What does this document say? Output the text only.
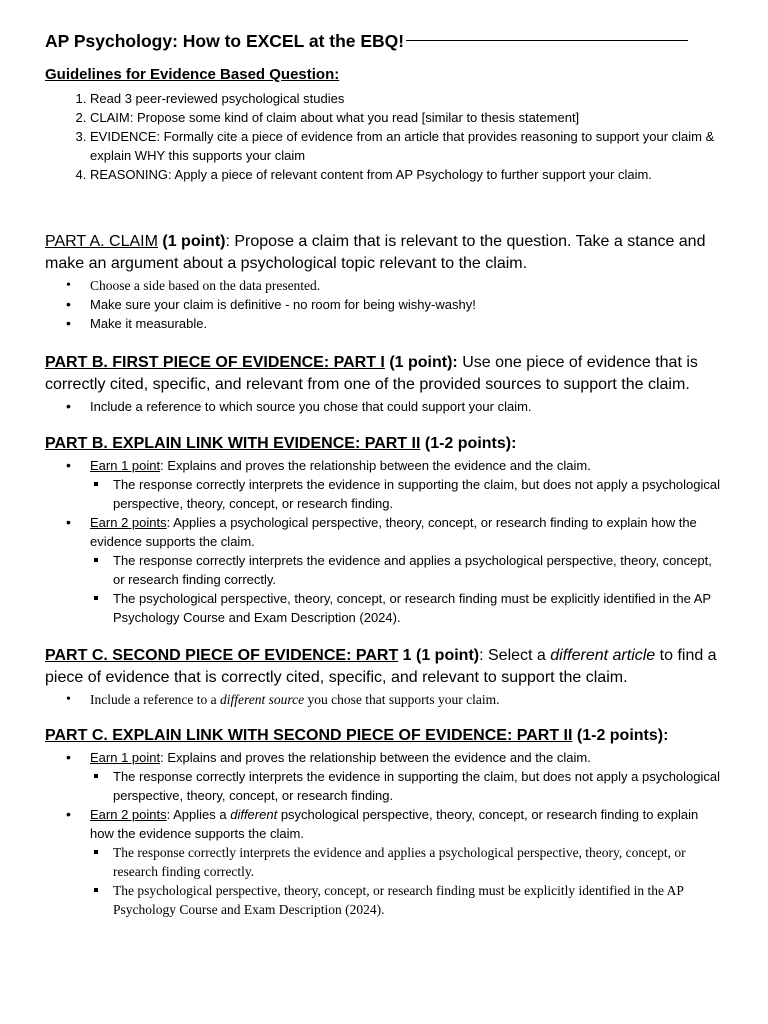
AP Psychology: How to EXCEL at the EBQ!
Guidelines for Evidence Based Question:
1. Read 3 peer-reviewed psychological studies
2. CLAIM: Propose some kind of claim about what you read [similar to thesis statement]
3. EVIDENCE: Formally cite a piece of evidence from an article that provides reasoning to support your claim & explain WHY this supports your claim
4. REASONING: Apply a piece of relevant content from AP Psychology to further support your claim.

PART A. CLAIM (1 point): Propose a claim that is relevant to the question. Take a stance and make an argument about a psychological topic relevant to the claim.

• Choose a side based on the data presented.
• Make sure your claim is definitive - no room for being wishy-washy!
• Make it measurable.

PART B. FIRST PIECE OF EVIDENCE: PART I (1 point): Use one piece of evidence that is correctly cited, specific, and relevant from one of the provided sources to support the claim.

• Include a reference to which source you chose that could support your claim.

PART B. EXPLAIN LINK WITH EVIDENCE: PART II (1-2 points):

• Earn 1 point: Explains and proves the relationship between the evidence and the claim.
The response correctly interprets the evidence in supporting the claim, but does not apply a psychological perspective, theory, concept, or research finding.
• Earn 2 points: Applies a psychological perspective, theory, concept, or research finding to explain how the evidence supports the claim.
The response correctly interprets the evidence and applies a psychological perspective, theory, concept, or research finding correctly.
The psychological perspective, theory, concept, or research finding must be explicitly identified in the AP Psychology Course and Exam Description (2024).

PART C. SECOND PIECE OF EVIDENCE: PART 1 (1 point): Select a different article to find a piece of evidence that is correctly cited, specific, and relevant to support the claim.

• Include a reference to a different source you chose that supports your claim.

PART C. EXPLAIN LINK WITH SECOND PIECE OF EVIDENCE: PART II (1-2 points):

• Earn 1 point: Explains and proves the relationship between the evidence and the claim.
The response correctly interprets the evidence in supporting the claim, but does not apply a psychological perspective, theory, concept, or research finding.
• Earn 2 points: Applies a different psychological perspective, theory, concept, or research finding to explain how the evidence supports the claim.
The response correctly interprets the evidence and applies a psychological perspective, theory, concept, or research finding correctly.
The psychological perspective, theory, concept, or research finding must be explicitly identified in the AP Psychology Course and Exam Description (2024).
